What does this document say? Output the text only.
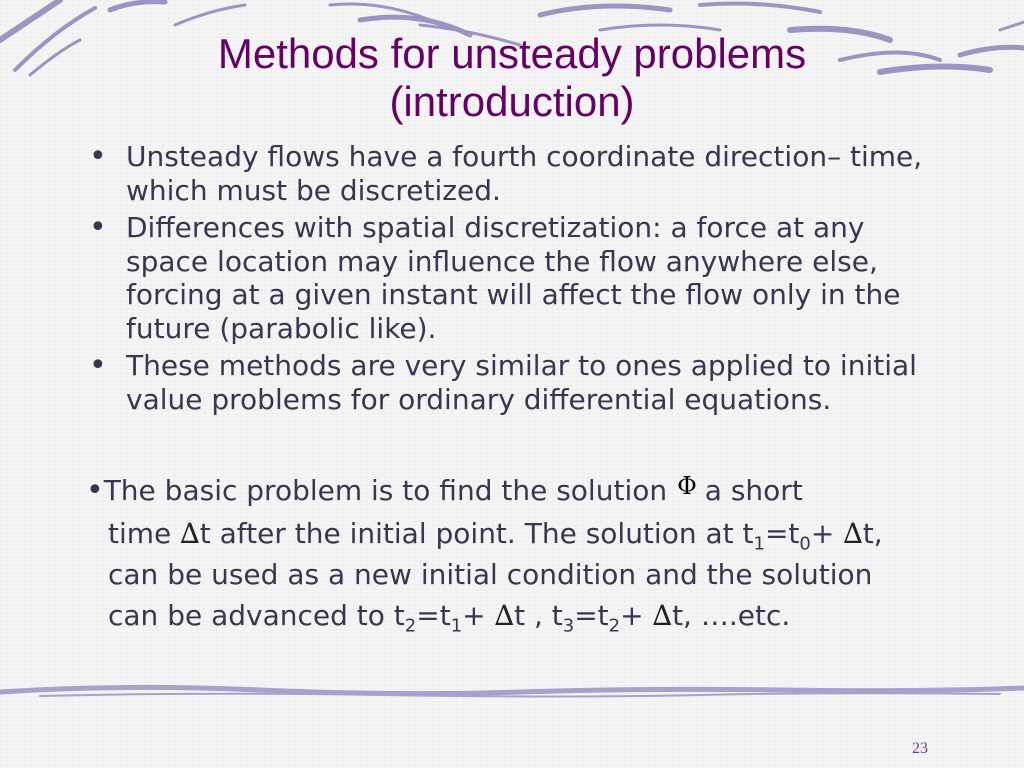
Methods for unsteady problems
(introduction)
• Unsteady flows have a fourth coordinate direction– time, which must be discretized.
• Differences with spatial discretization: a force at any space location may influence the flow anywhere else, forcing at a given instant will affect the flow only in the future (parabolic like).
• These methods are very similar to ones applied to initial value problems for ordinary differential equations.
•The basic problem is to find the solution Φ a short
time ∆t after the initial point. The solution at $t_1=t_0+ \Delta t$,
can be used as a new initial condition and the solution
can be advanced to $t_2=t_1+ \Delta t$ , $t_3=t_2+ \Delta t$, ….etc.
23
